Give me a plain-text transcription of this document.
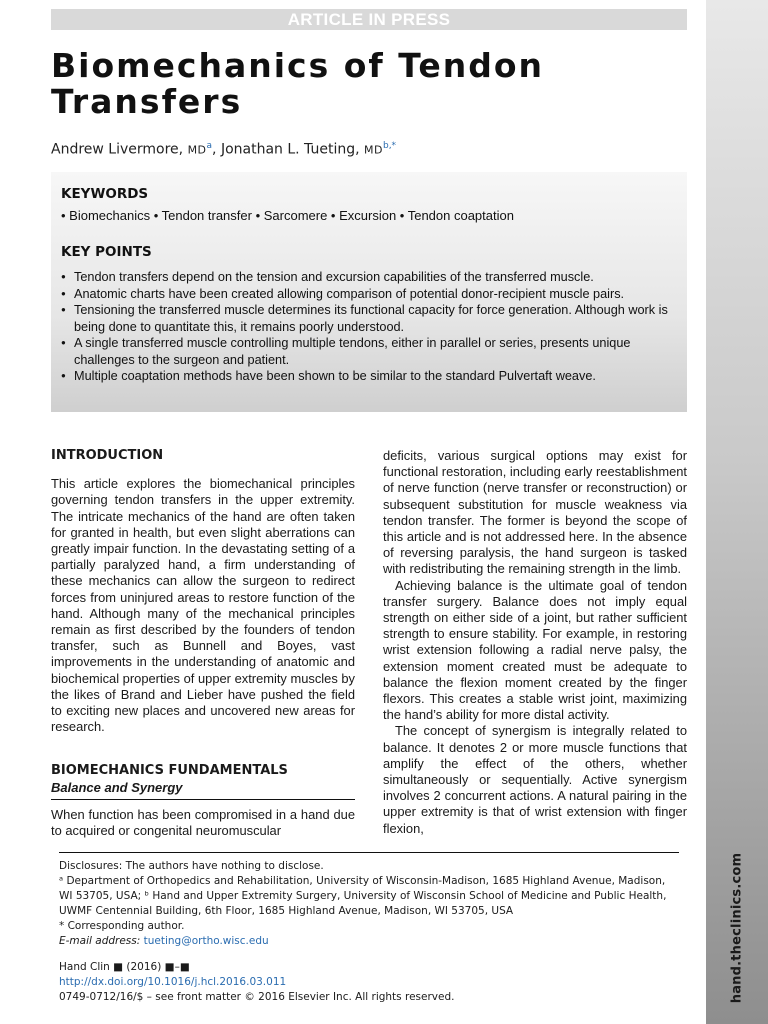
hand.theclinics.com
ARTICLE IN PRESS
Biomechanics of Tendon
Transfers

Andrew Livermore, $MD^a$, Jonathan L. Tueting, $MD^{b,*}$

KEYWORDS

• Biomechanics • Tendon transfer • Sarcomere • Excursion • Tendon coaptation

KEY POINTS

● Tendon transfers depend on the tension and excursion capabilities of the transferred muscle.
● Anatomic charts have been created allowing comparison of potential donor-recipient muscle pairs.
● Tensioning the transferred muscle determines its functional capacity for force generation. Although work is being done to quantitate this, it remains poorly understood.
● A single transferred muscle controlling multiple tendons, either in parallel or series, presents unique challenges to the surgeon and patient.
● Multiple coaptation methods have been shown to be similar to the standard Pulvertaft weave.

INTRODUCTION

This article explores the biomechanical principles governing tendon transfers in the upper extremity. The intricate mechanics of the hand are often taken for granted in health, but even slight aberrations can greatly impair function. In the devastating setting of a partially paralyzed hand, a firm understanding of these mechanics can allow the surgeon to redirect forces from uninjured areas to restore function of the hand. Although many of the mechanical principles remain as first described by the founders of tendon transfer, such as Bunnell and Boyes, vast improvements in the understanding of anatomic and biochemical properties of upper extremity muscles by the likes of Brand and Lieber have pushed the field to exciting new places and uncovered new areas for research.

BIOMECHANICS FUNDAMENTALS

Balance and Synergy

When function has been compromised in a hand due to acquired or congenital neuromuscular

deficits, various surgical options may exist for functional restoration, including early reestablishment of nerve function (nerve transfer or reconstruction) or subsequent substitution for muscle weakness via tendon transfer. The former is beyond the scope of this article and is not addressed here. In the absence of reversing paralysis, the hand surgeon is tasked with redistributing the remaining strength in the limb.

Achieving balance is the ultimate goal of tendon transfer surgery. Balance does not imply equal strength on either side of a joint, but rather sufficient strength to ensure stability. For example, in restoring wrist extension following a radial nerve palsy, the extension moment created must be adequate to balance the flexion moment created by the finger flexors. This creates a stable wrist joint, maximizing the hand’s ability for more distal activity.

The concept of synergism is integrally related to balance. It denotes 2 or more muscle functions that amplify the effect of the others, whether simultaneously or sequentially. Active synergism involves 2 concurrent actions. A natural pairing in the upper extremity is that of wrist extension with finger flexion,

Disclosures: The authors have nothing to disclose.

ᵃ Department of Orthopedics and Rehabilitation, University of Wisconsin-Madison, 1685 Highland Avenue, Madison, WI 53705, USA; ᵇ Hand and Upper Extremity Surgery, University of Wisconsin School of Medicine and Public Health, UWMF Centennial Building, 6th Floor, 1685 Highland Avenue, Madison, WI 53705, USA

* Corresponding author.

E-mail address: tueting@ortho.wisc.edu

Hand Clin ■ (2016) ■–■

http://dx.doi.org/10.1016/j.hcl.2016.03.011

0749-0712/16/$ – see front matter © 2016 Elsevier Inc. All rights reserved.
